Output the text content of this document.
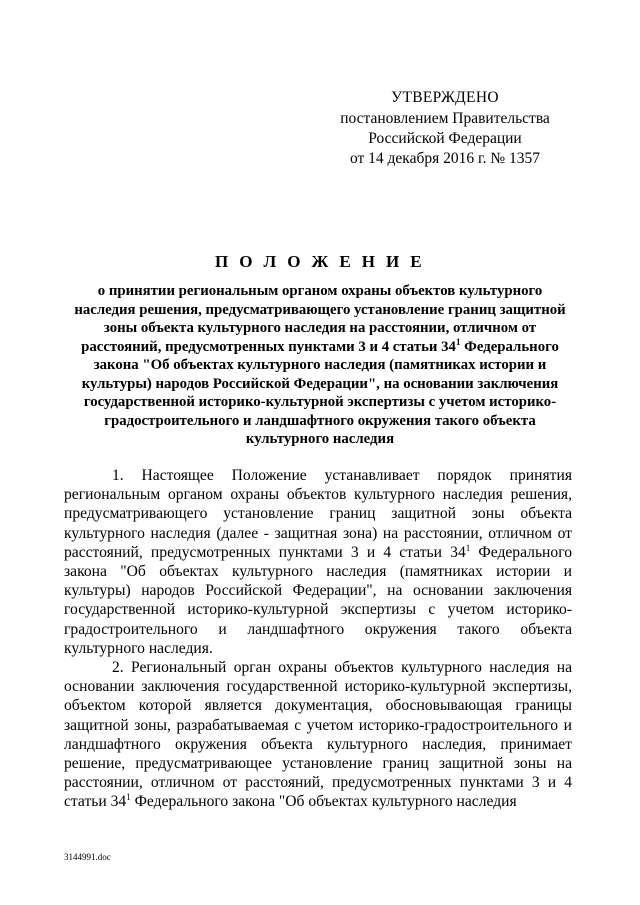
УТВЕРЖДЕНО
постановлением Правительства
Российской Федерации
от 14 декабря 2016 г. № 1357
П О Л О Ж Е Н И Е
о принятии регионaльным органом охраны объектов культурного наследия решения, предусматривающего установление границ защитной зоны объекта культурного наследия на расстоянии, отличном от расстояний, предусмотренных пунктами 3 и 4 статьи $34^1$ Федерального закона "Об объектах культурного наследия (памятниках истории и культуры) народов Российской Федерации", на основании заключения государственной историко-культурной экспертизы с учетом историко-градостроительного и ландшафтного окружения такого объекта культурного наследия

1. Настоящее Положение устанавливает порядок принятия региональным органом охраны объектов культурного наследия решения, предусматривающего установление границ защитной зоны объекта культурного наследия (далее - защитная зона) на расстоянии, отличном от расстояний, предусмотренных пунктами 3 и 4 статьи $34^1$ Федерального закона "Об объектах культурного наследия (памятниках истории и культуры) народов Российской Федерации", на основании заключения государственной историко-культурной экспертизы с учетом историко-градостроительного и ландшафтного окружения такого объекта культурного наследия.

2. Региональный орган охраны объектов культурного наследия на основании заключения государственной историко-культурной экспертизы, объектом которой является документация, обосновывающая границы защитной зоны, разрабатываемая с учетом историко-градостроительного и ландшафтного окружения объекта культурного наследия, принимает решение, предусматривающее установление границ защитной зоны на расстоянии, отличном от расстояний, предусмотренных пунктами 3 и 4 статьи $34^1$ Федерального закона "Об объектах культурного наследия

3144991.doc
